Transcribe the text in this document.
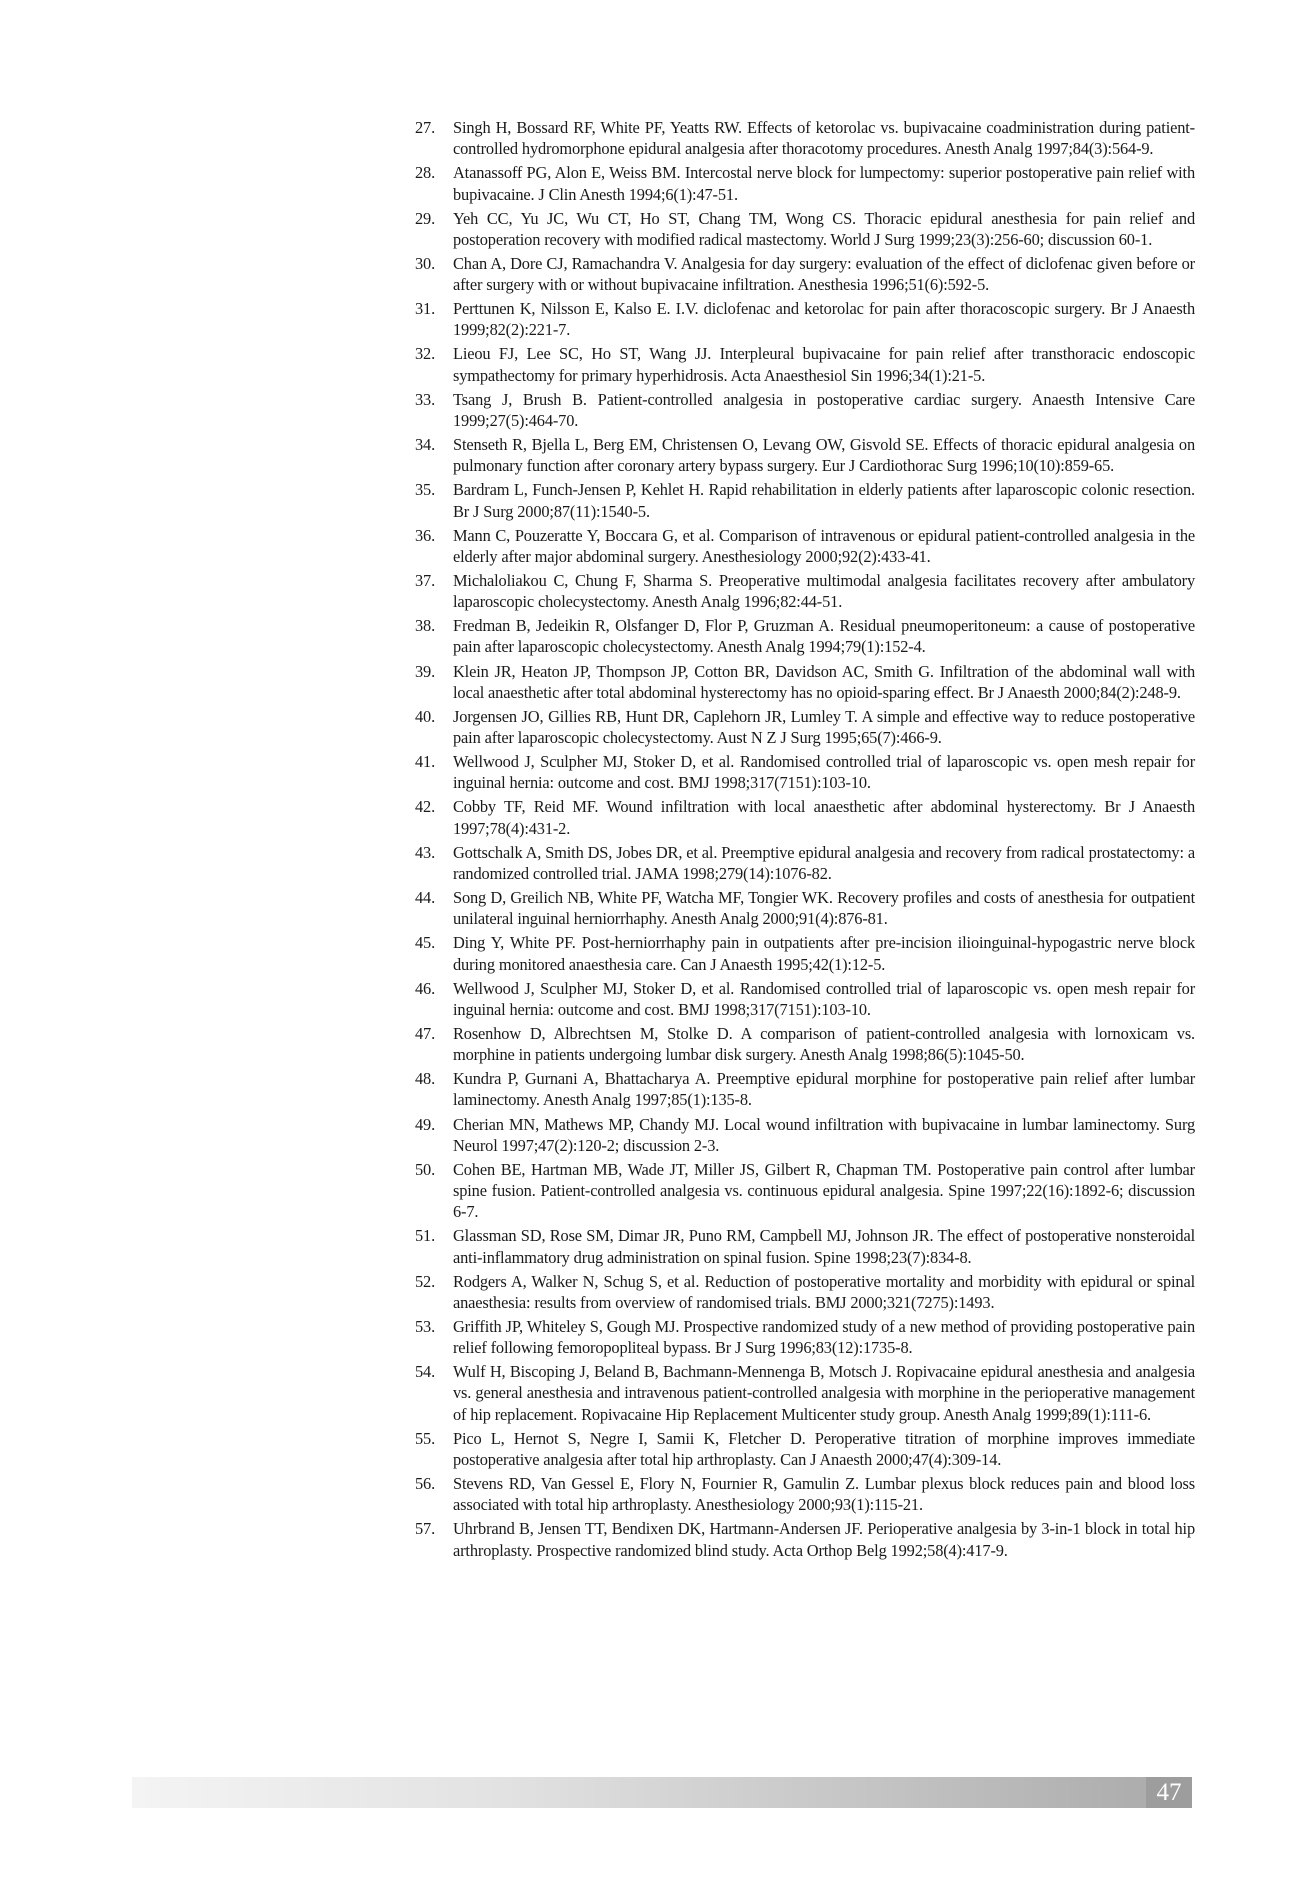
27.	Singh H, Bossard RF, White PF, Yeatts RW. Effects of ketorolac vs. bupivacaine coadministration during patient-controlled hydromorphone epidural analgesia after thoracotomy procedures. Anesth Analg 1997;84(3):564-9.
28.	Atanassoff PG, Alon E, Weiss BM. Intercostal nerve block for lumpectomy: superior postoperative pain relief with bupivacaine. J Clin Anesth 1994;6(1):47-51.
29.	Yeh CC, Yu JC, Wu CT, Ho ST, Chang TM, Wong CS. Thoracic epidural anesthesia for pain relief and postoperation recovery with modified radical mastectomy. World J Surg 1999;23(3):256-60; discussion 60-1.
30.	Chan A, Dore CJ, Ramachandra V. Analgesia for day surgery: evaluation of the effect of diclofenac given before or after surgery with or without bupivacaine infiltration. Anesthesia 1996;51(6):592-5.
31.	Perttunen K, Nilsson E, Kalso E. I.V. diclofenac and ketorolac for pain after thoracoscopic surgery. Br J Anaesth 1999;82(2):221-7.
32.	Lieou FJ, Lee SC, Ho ST, Wang JJ. Interpleural bupivacaine for pain relief after transthoracic endoscopic sympathectomy for primary hyperhidrosis. Acta Anaesthesiol Sin 1996;34(1):21-5.
33.	Tsang J, Brush B. Patient-controlled analgesia in postoperative cardiac surgery. Anaesth Intensive Care 1999;27(5):464-70.
34.	Stenseth R, Bjella L, Berg EM, Christensen O, Levang OW, Gisvold SE. Effects of thoracic epidural analgesia on pulmonary function after coronary artery bypass surgery. Eur J Cardiothorac Surg 1996;10(10):859-65.
35.	Bardram L, Funch-Jensen P, Kehlet H. Rapid rehabilitation in elderly patients after laparoscopic colonic resection. Br J Surg 2000;87(11):1540-5.
36.	Mann C, Pouzeratte Y, Boccara G, et al. Comparison of intravenous or epidural patient-controlled analgesia in the elderly after major abdominal surgery. Anesthesiology 2000;92(2):433-41.
37.	Michaloliakou C, Chung F, Sharma S. Preoperative multimodal analgesia facilitates recovery after ambulatory laparoscopic cholecystectomy. Anesth Analg 1996;82:44-51.
38.	Fredman B, Jedeikin R, Olsfanger D, Flor P, Gruzman A. Residual pneumoperitoneum: a cause of postoperative pain after laparoscopic cholecystectomy. Anesth Analg 1994;79(1):152-4.
39.	Klein JR, Heaton JP, Thompson JP, Cotton BR, Davidson AC, Smith G. Infiltration of the abdominal wall with local anaesthetic after total abdominal hysterectomy has no opioid-sparing effect. Br J Anaesth 2000;84(2):248-9.
40.	Jorgensen JO, Gillies RB, Hunt DR, Caplehorn JR, Lumley T. A simple and effective way to reduce postoperative pain after laparoscopic cholecystectomy. Aust N Z J Surg 1995;65(7):466-9.
41.	Wellwood J, Sculpher MJ, Stoker D, et al. Randomised controlled trial of laparoscopic vs. open mesh repair for inguinal hernia: outcome and cost. BMJ 1998;317(7151):103-10.
42.	Cobby TF, Reid MF. Wound infiltration with local anaesthetic after abdominal hysterectomy. Br J Anaesth 1997;78(4):431-2.
43.	Gottschalk A, Smith DS, Jobes DR, et al. Preemptive epidural analgesia and recovery from radical prostatectomy: a randomized controlled trial. JAMA 1998;279(14):1076-82.
44.	Song D, Greilich NB, White PF, Watcha MF, Tongier WK. Recovery profiles and costs of anesthesia for outpatient unilateral inguinal herniorrhaphy. Anesth Analg 2000;91(4):876-81.
45.	Ding Y, White PF. Post-herniorrhaphy pain in outpatients after pre-incision ilioinguinal-hypogastric nerve block during monitored anaesthesia care. Can J Anaesth 1995;42(1):12-5.
46.	Wellwood J, Sculpher MJ, Stoker D, et al. Randomised controlled trial of laparoscopic vs. open mesh repair for inguinal hernia: outcome and cost. BMJ 1998;317(7151):103-10.
47.	Rosenhow D, Albrechtsen M, Stolke D. A comparison of patient-controlled analgesia with lornoxicam vs. morphine in patients undergoing lumbar disk surgery. Anesth Analg 1998;86(5):1045-50.
48.	Kundra P, Gurnani A, Bhattacharya A. Preemptive epidural morphine for postoperative pain relief after lumbar laminectomy. Anesth Analg 1997;85(1):135-8.
49.	Cherian MN, Mathews MP, Chandy MJ. Local wound infiltration with bupivacaine in lumbar laminectomy. Surg Neurol 1997;47(2):120-2; discussion 2-3.
50.	Cohen BE, Hartman MB, Wade JT, Miller JS, Gilbert R, Chapman TM. Postoperative pain control after lumbar spine fusion. Patient-controlled analgesia vs. continuous epidural analgesia. Spine 1997;22(16):1892-6; discussion 6-7.
51.	Glassman SD, Rose SM, Dimar JR, Puno RM, Campbell MJ, Johnson JR. The effect of postoperative nonsteroidal anti-inflammatory drug administration on spinal fusion. Spine 1998;23(7):834-8.
52.	Rodgers A, Walker N, Schug S, et al. Reduction of postoperative mortality and morbidity with epidural or spinal anaesthesia: results from overview of randomised trials. BMJ 2000;321(7275):1493.
53.	Griffith JP, Whiteley S, Gough MJ. Prospective randomized study of a new method of providing postoperative pain relief following femoropopliteal bypass. Br J Surg 1996;83(12):1735-8.
54.	Wulf H, Biscoping J, Beland B, Bachmann-Mennenga B, Motsch J. Ropivacaine epidural anesthesia and analgesia vs. general anesthesia and intravenous patient-controlled analgesia with morphine in the perioperative management of hip replacement. Ropivacaine Hip Replacement Multicenter study group. Anesth Analg 1999;89(1):111-6.
55.	Pico L, Hernot S, Negre I, Samii K, Fletcher D. Peroperative titration of morphine improves immediate postoperative analgesia after total hip arthroplasty. Can J Anaesth 2000;47(4):309-14.
56.	Stevens RD, Van Gessel E, Flory N, Fournier R, Gamulin Z. Lumbar plexus block reduces pain and blood loss associated with total hip arthroplasty. Anesthesiology 2000;93(1):115-21.
57.	Uhrbrand B, Jensen TT, Bendixen DK, Hartmann-Andersen JF. Perioperative analgesia by 3-in-1 block in total hip arthroplasty. Prospective randomized blind study. Acta Orthop Belg 1992;58(4):417-9.
47
